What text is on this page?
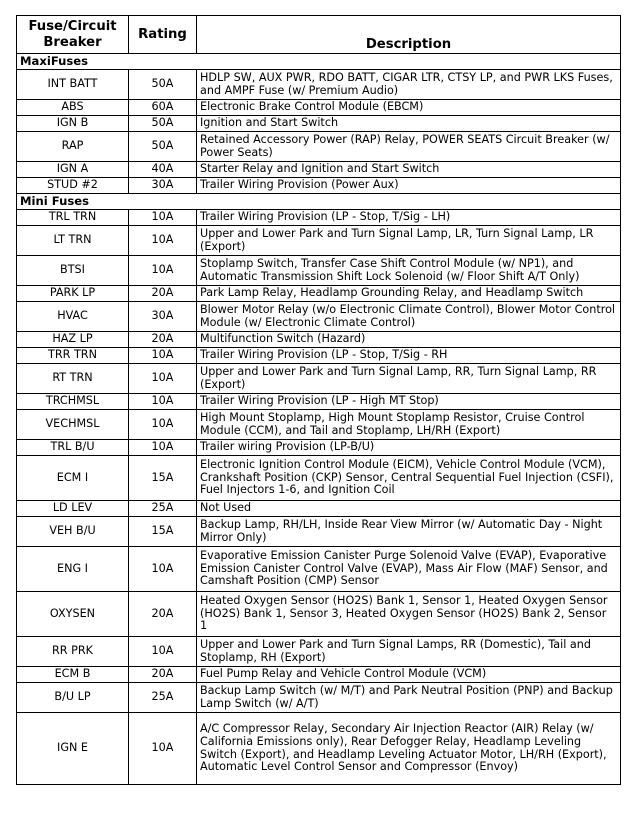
Fuse/Circuit
Breaker	Rating	Description
MaxiFuses		
INT BATT	50A	HDLP SW, AUX PWR, RDO BATT, CIGAR LTR, CTSY LP, and PWR LKS Fuses, and AMPF Fuse (w/ Premium Audio)
ABS	60A	Electronic Brake Control Module (EBCM)
IGN B	50A	Ignition and Start Switch
RAP	50A	Retained Accessory Power (RAP) Relay, POWER SEATS Circuit Breaker (w/ Power Seats)
IGN A	40A	Starter Relay and Ignition and Start Switch
STUD #2	30A	Trailer Wiring Provision (Power Aux)
Mini Fuses		
TRL TRN	10A	Trailer Wiring Provision (LP - Stop, T/Sig - LH)
LT TRN	10A	Upper and Lower Park and Turn Signal Lamp, LR, Turn Signal Lamp, LR (Export)
BTSI	10A	Stoplamp Switch, Transfer Case Shift Control Module (w/ NP1), and Automatic Transmission Shift Lock Solenoid (w/ Floor Shift A/T Only)
PARK LP	20A	Park Lamp Relay, Headlamp Grounding Relay, and Headlamp Switch
HVAC	30A	Blower Motor Relay (w/o Electronic Climate Control), Blower Motor Control Module (w/ Electronic Climate Control)
HAZ LP	20A	Multifunction Switch (Hazard)
TRR TRN	10A	Trailer Wiring Provision (LP - Stop, T/Sig - RH
RT TRN	10A	Upper and Lower Park and Turn Signal Lamp, RR, Turn Signal Lamp, RR (Export)
TRCHMSL	10A	Trailer Wiring Provision (LP - High MT Stop)
VECHMSL	10A	High Mount Stoplamp, High Mount Stoplamp Resistor, Cruise Control Module (CCM), and Tail and Stoplamp, LH/RH (Export)
TRL B/U	10A	Trailer wiring Provision (LP-B/U)
ECM I	15A	Electronic Ignition Control Module (EICM), Vehicle Control Module (VCM), Crankshaft Position (CKP) Sensor, Central Sequential Fuel Injection (CSFI), Fuel Injectors 1-6, and Ignition Coil
LD LEV	25A	Not Used
VEH B/U	15A	Backup Lamp, RH/LH, Inside Rear View Mirror (w/ Automatic Day - Night Mirror Only)
ENG I	10A	Evaporative Emission Canister Purge Solenoid Valve (EVAP), Evaporative Emission Canister Control Valve (EVAP), Mass Air Flow (MAF) Sensor, and Camshaft Position (CMP) Sensor
OXYSEN	20A	Heated Oxygen Sensor (HO2S) Bank 1, Sensor 1, Heated Oxygen Sensor (HO2S) Bank 1, Sensor 3, Heated Oxygen Sensor (HO2S) Bank 2, Sensor 1
RR PRK	10A	Upper and Lower Park and Turn Signal Lamps, RR (Domestic), Tail and Stoplamp, RH (Export)
ECM B	20A	Fuel Pump Relay and Vehicle Control Module (VCM)
B/U LP	25A	Backup Lamp Switch (w/ M/T) and Park Neutral Position (PNP) and Backup Lamp Switch (w/ A/T)
IGN E	10A	A/C Compressor Relay, Secondary Air Injection Reactor (AIR) Relay (w/ California Emissions only), Rear Defogger Relay, Headlamp Leveling Switch (Export), and Headlamp Leveling Actuator Motor, LH/RH (Export), Automatic Level Control Sensor and Compressor (Envoy)
